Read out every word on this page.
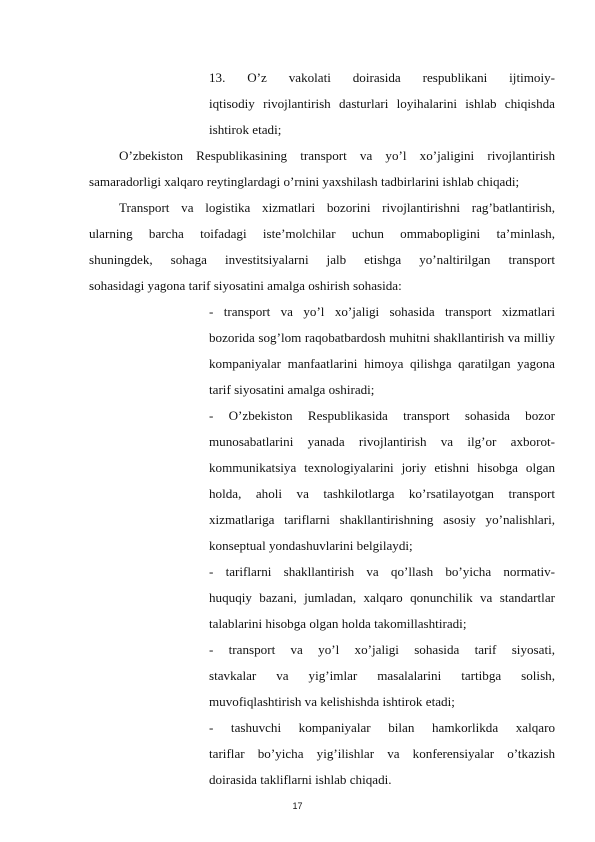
13. O’z vakolati doirasida respublikani ijtimoiy-
iqtisodiy rivojlantirish dasturlari loyihalarini ishlab chiqishda
ishtirok etadi;
O’zbekiston Respublikasining transport va yo’l xo’jaligini rivojlantirish
samaradorligi xalqaro reytinglardagi o’rnini yaxshilash tadbirlarini ishlab chiqadi;
Transport va logistika xizmatlari bozorini rivojlantirishni rag’batlantirish,
ularning barcha toifadagi iste’molchilar uchun ommabopligini ta’minlash,
shuningdek, sohaga investitsiyalarni jalb etishga yo’naltirilgan transport
sohasidagi yagona tarif siyosatini amalga oshirish sohasida:
- transport va yo’l xo’jaligi sohasida transport xizmatlari
bozorida sog’lom raqobatbardosh muhitni shakllantirish va milliy
kompaniyalar manfaatlarini himoya qilishga qaratilgan yagona
tarif siyosatini amalga oshiradi;
- O’zbekiston Respublikasida transport sohasida bozor
munosabatlarini yanada rivojlantirish va ilg’or axborot-
kommunikatsiya texnologiyalarini joriy etishni hisobga olgan
holda, aholi va tashkilotlarga ko’rsatilayotgan transport
xizmatlariga tariflarni shakllantirishning asosiy yo’nalishlari,
konseptual yondashuvlarini belgilaydi;
- tariflarni shakllantirish va qo’llash bo’yicha normativ-
huquqiy bazani, jumladan, xalqaro qonunchilik va standartlar
talablarini hisobga olgan holda takomillashtiradi;
- transport va yo’l xo’jaligi sohasida tarif siyosati,
stavkalar va yig’imlar masalalarini tartibga solish,
muvofiqlashtirish va kelishishda ishtirok etadi;
- tashuvchi kompaniyalar bilan hamkorlikda xalqaro
tariflar bo’yicha yig’ilishlar va konferensiyalar o’tkazish
doirasida takliflarni ishlab chiqadi.
17
